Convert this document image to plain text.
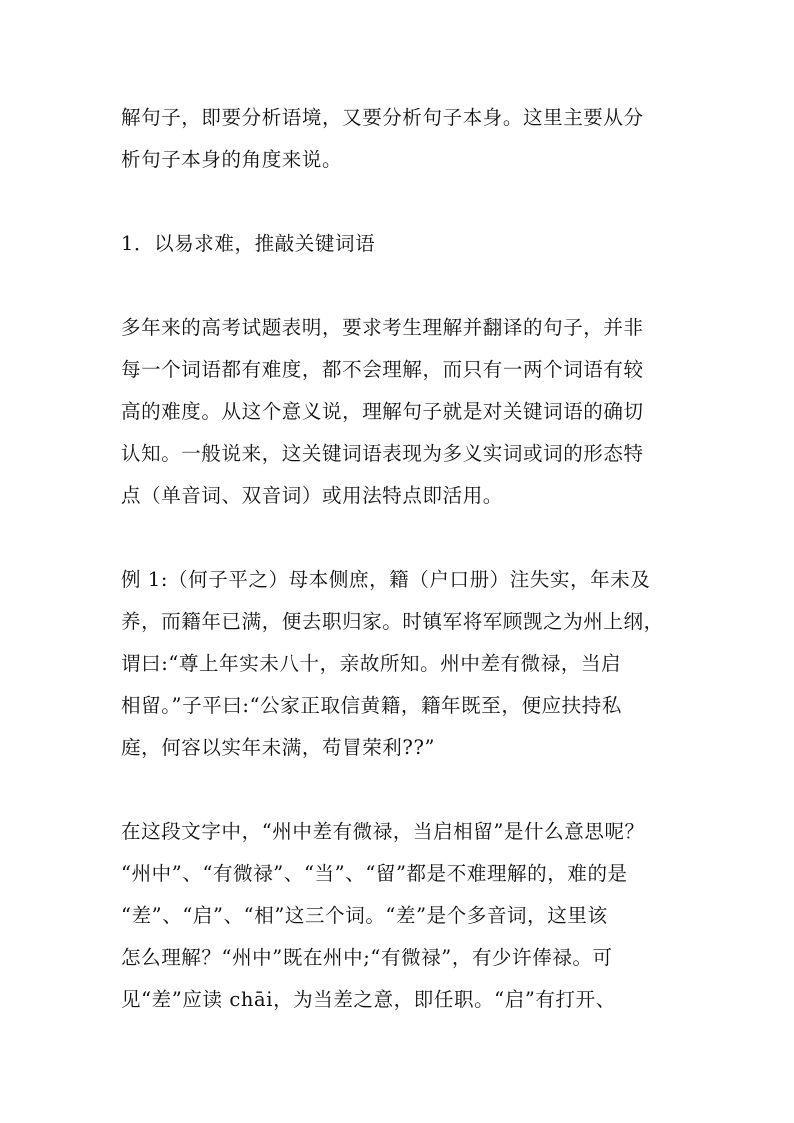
解句子，即要分析语境，又要分析句子本身。这里主要从分
析句子本身的角度来说。
1．以易求难，推敲关键词语
多年来的高考试题表明，要求考生理解并翻译的句子，并非
每一个词语都有难度，都不会理解，而只有一两个词语有较
高的难度。从这个意义说，理解句子就是对关键词语的确切
认知。一般说来，这关键词语表现为多义实词或词的形态特
点（单音词、双音词）或用法特点即活用。
例 1:（何子平之）母本侧庶，籍（户口册）注失实，年未及
养，而籍年已满，便去职归家。时镇军将军顾觊之为州上纲，
谓曰:“尊上年实未八十，亲故所知。州中差有微禄，当启
相留。”子平曰:“公家正取信黄籍，籍年既至，便应扶持私
庭，何容以实年未满，苟冒荣利??”
在这段文字中，“州中差有微禄，当启相留”是什么意思呢？
“州中”、“有微禄”、“当”、“留”都是不难理解的，难的是
“差”、“启”、“相”这三个词。“差”是个多音词，这里该
怎么理解？“州中”既在州中;“有微禄”，有少许俸禄。可
见“差”应读 chāi，为当差之意，即任职。“启”有打开、
